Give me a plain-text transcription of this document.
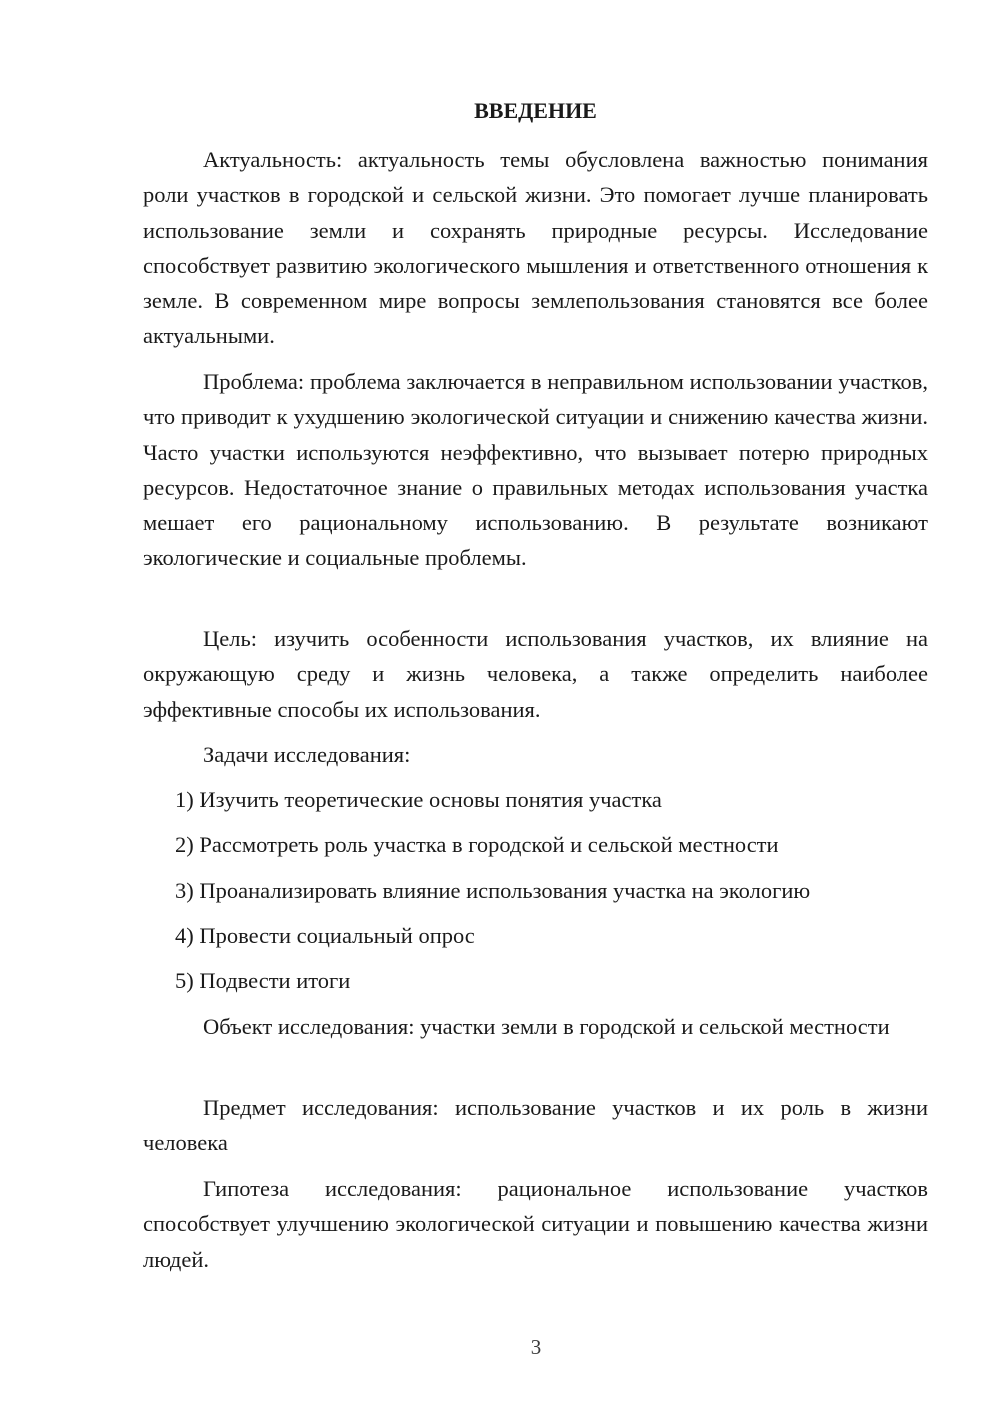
ВВЕДЕНИЕ

Актуальность: актуальность темы обусловлена важностью понимания роли участков в городской и сельской жизни. Это помогает лучше планировать использование земли и сохранять природные ресурсы. Исследование способствует развитию экологического мышления и ответственного отношения к земле. В современном мире вопросы землепользования становятся все более актуальными.

Проблема: проблема заключается в неправильном использовании участков, что приводит к ухудшению экологической ситуации и снижению качества жизни. Часто участки используются неэффективно, что вызывает потерю природных ресурсов. Недостаточное знание о правильных методах использования участка мешает его рациональному использованию. В результате возникают экологические и социальные проблемы.

Цель: изучить особенности использования участков, их влияние на окружающую среду и жизнь человека, а также определить наиболее эффективные способы их использования.

Задачи исследования:

1) Изучить теоретические основы понятия участка

2) Рассмотреть роль участка в городской и сельской местности

3) Проанализировать влияние использования участка на экологию

4) Провести социальный опрос

5) Подвести итоги

Объект исследования: участки земли в городской и сельской местности

Предмет исследования: использование участков и их роль в жизни человека

Гипотеза исследования: рациональное использование участков способствует улучшению экологической ситуации и повышению качества жизни людей.

3
